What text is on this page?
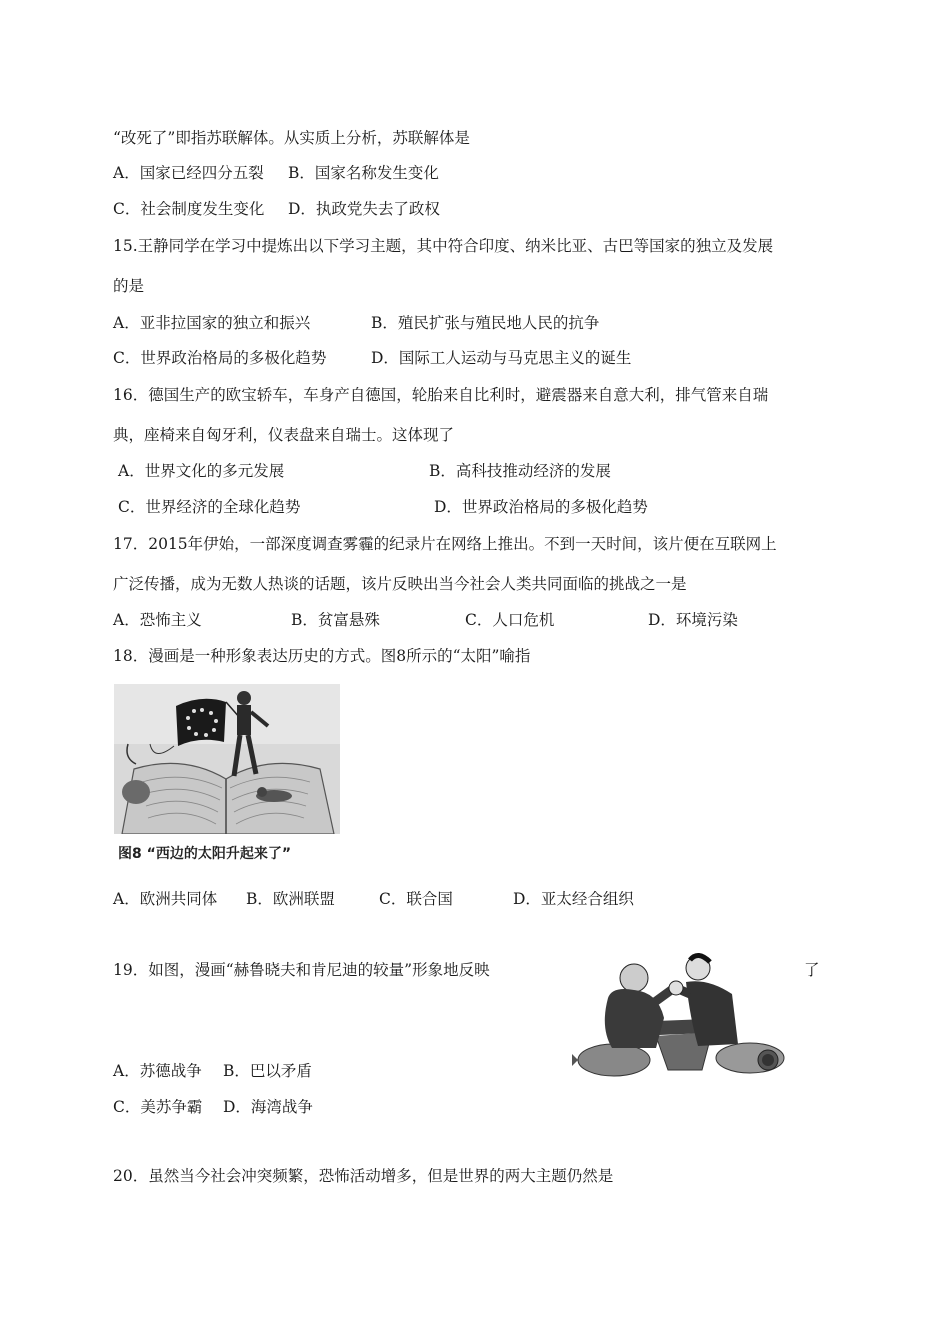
“改死了”即指苏联解体。从实质上分析，苏联解体是
A．国家已经四分五裂 B．国家名称发生变化
C．社会制度发生变化 D．执政党失去了政权
15.王静同学在学习中提炼出以下学习主题，其中符合印度、纳米比亚、古巴等国家的独立及发展
的是
A．亚非拉国家的独立和振兴	B．殖民扩张与殖民地人民的抗争
C．世界政治格局的多极化趋势	D．国际工人运动与马克思主义的诞生
16．德国生产的欧宝轿车，车身产自德国，轮胎来自比利时，避震器来自意大利，排气管来自瑞
典，座椅来自匈牙利，仪表盘来自瑞士。这体现了
A．世界文化的多元发展	B．高科技推动经济的发展
C．世界经济的全球化趋势	D．世界政治格局的多极化趋势
17．2015年伊始，一部深度调查雾霾的纪录片在网络上推出。不到一天时间，该片便在互联网上
广泛传播，成为无数人热谈的话题，该片反映出当今社会人类共同面临的挑战之一是
A．恐怖主义	B．贫富悬殊	C．人口危机	D．环境污染
18．漫画是一种形象表达历史的方式。图8所示的“太阳”喻指
图8 “西边的太阳升起来了”
A．欧洲共同体 B．欧洲联盟	C．联合国	D．亚太经合组织
19．如图，漫画“赫鲁晓夫和肯尼迪的较量”形象地反映	了
A．苏德战争 B．巴以矛盾
C．美苏争霸 D．海湾战争
20．虽然当今社会冲突频繁，恐怖活动增多，但是世界的两大主题仍然是
